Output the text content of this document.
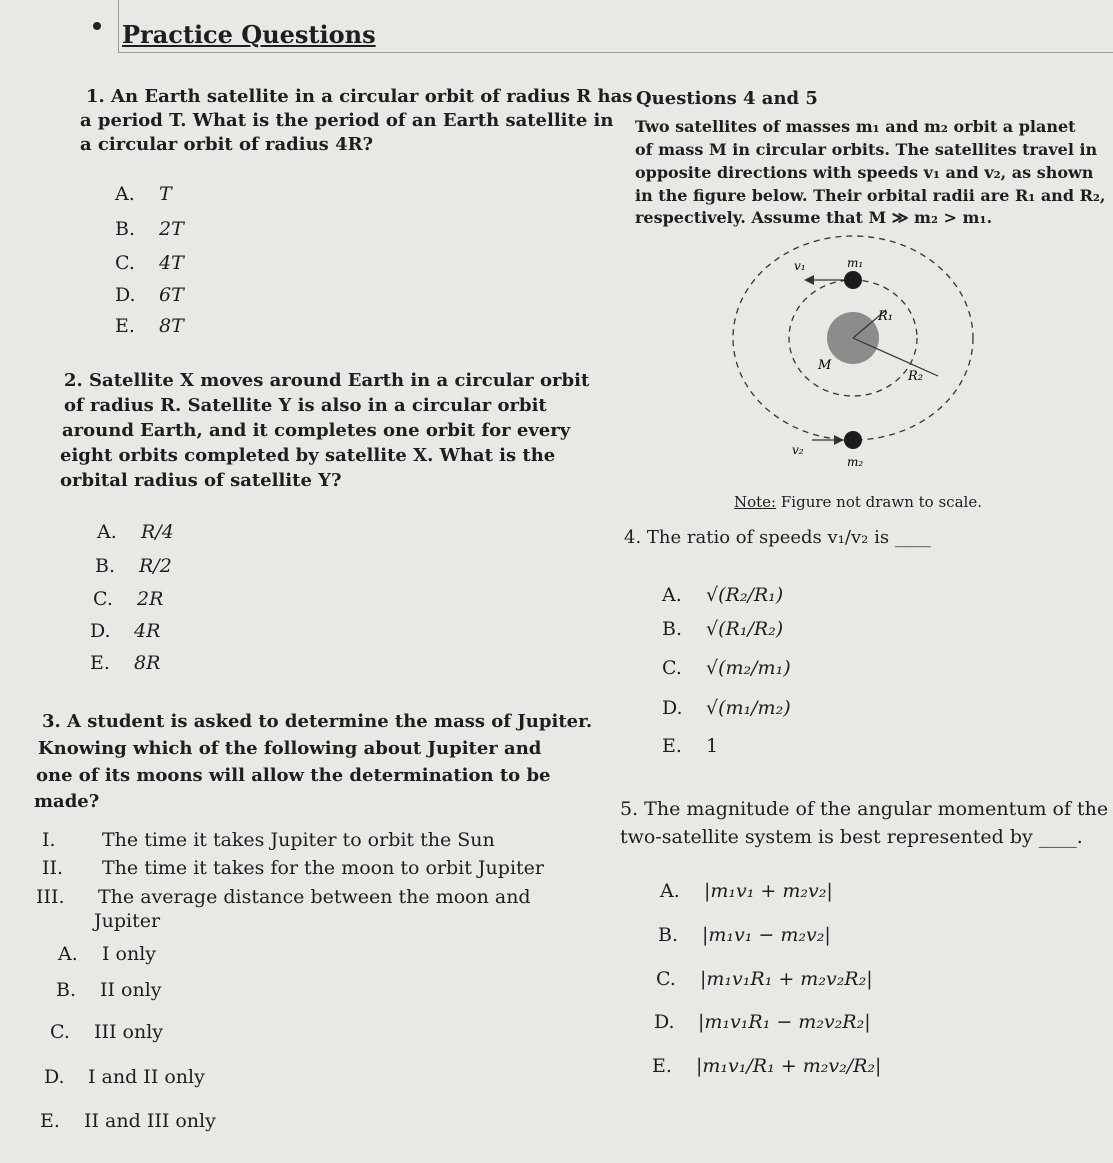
Practice Questions
1. An Earth satellite in a circular orbit of radius R has
a period T. What is the period of an Earth satellite in
a circular orbit of radius 4R?
A. T
B. 2T
C. 4T
D. 6T
E. 8T
2. Satellite X moves around Earth in a circular orbit
of radius R. Satellite Y is also in a circular orbit
around Earth, and it completes one orbit for every
eight orbits completed by satellite X. What is the
orbital radius of satellite Y?
A. R/4
B. R/2
C. 2R
D. 4R
E. 8R
3. A student is asked to determine the mass of Jupiter.
Knowing which of the following about Jupiter and
one of its moons will allow the determination to be
made?
I. The time it takes Jupiter to orbit the Sun
II. The time it takes for the moon to orbit Jupiter
III. The average distance between the moon and
Jupiter
A. I only
B. II only
C. III only
D. I and II only
E. II and III only
Questions 4 and 5
Two satellites of masses m₁ and m₂ orbit a planet
of mass M in circular orbits. The satellites travel in
opposite directions with speeds v₁ and v₂, as shown
in the figure below. Their orbital radii are R₁ and R₂,
respectively. Assume that M ≫ m₂ > m₁.
v₁	m₁
R₁
M
R₂
v₂
m₂
Note: Figure not drawn to scale.
4. The ratio of speeds v₁/v₂ is ____
A. √(R₂/R₁)
B. √(R₁/R₂)
C. √(m₂/m₁)
D. √(m₁/m₂)
E. 1
5. The magnitude of the angular momentum of the
two-satellite system is best represented by ____.
A. |m₁v₁ + m₂v₂|
B. |m₁v₁ − m₂v₂|
C. |m₁v₁R₁ + m₂v₂R₂|
D. |m₁v₁R₁ − m₂v₂R₂|
E. |m₁v₁/R₁ + m₂v₂/R₂|
